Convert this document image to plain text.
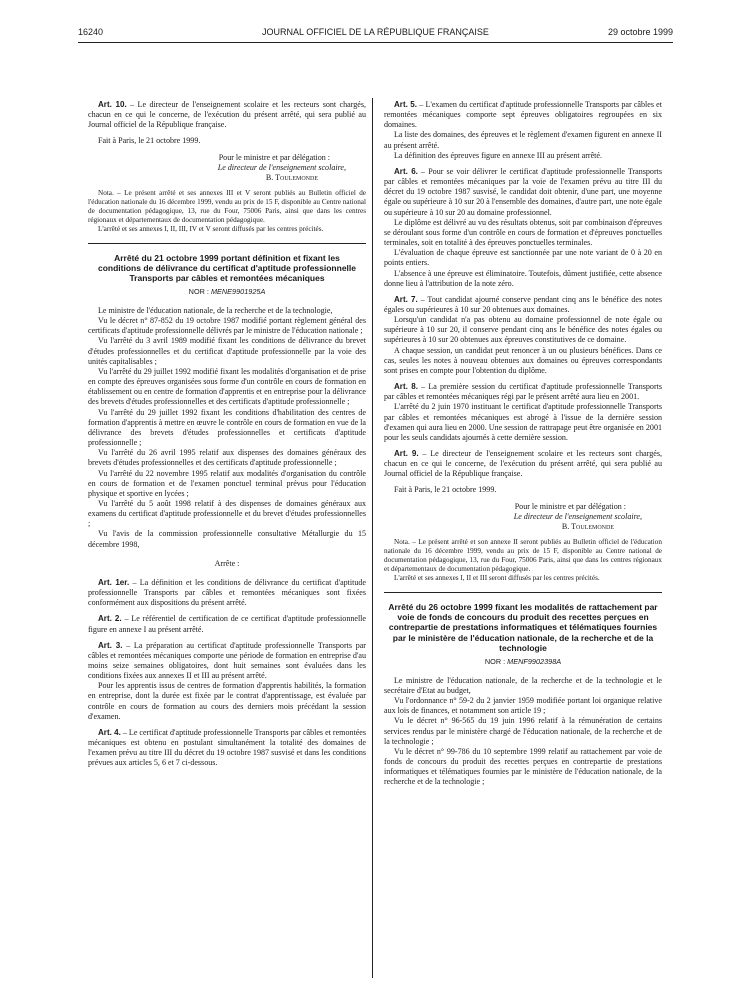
16240	JOURNAL OFFICIEL DE LA RÉPUBLIQUE FRANÇAISE	29 octobre 1999

Art. 10. – Le directeur de l'enseignement scolaire et les recteurs sont chargés, chacun en ce qui le concerne, de l'exécution du présent arrêté, qui sera publié au Journal officiel de la République française.

Fait à Paris, le 21 octobre 1999.

Pour le ministre et par délégation :
Le directeur de l'enseignement scolaire,
B. Toulemonde

Nota. – Le présent arrêté et ses annexes III et V seront publiés au Bulletin officiel de l'éducation nationale du 16 décembre 1999, vendu au prix de 15 F, disponible au Centre national de documentation pédagogique, 13, rue du Four, 75006 Paris, ainsi que dans les centres régionaux et départementaux de documentation pédagogique.

L'arrêté et ses annexes I, II, III, IV et V seront diffusés par les centres précités.

Arrêté du 21 octobre 1999 portant définition et fixant les conditions de délivrance du certificat d'aptitude professionnelle Transports par câbles et remontées mécaniques
NOR : MENE9901925A

Le ministre de l'éducation nationale, de la recherche et de la technologie,

Vu le décret n° 87-852 du 19 octobre 1987 modifié portant règlement général des certificats d'aptitude professionnelle délivrés par le ministre de l'éducation nationale ;

Vu l'arrêté du 3 avril 1989 modifié fixant les conditions de délivrance du brevet d'études professionnelles et du certificat d'aptitude professionnelle par la voie des unités capitalisables ;

Vu l'arrêté du 29 juillet 1992 modifié fixant les modalités d'organisation et de prise en compte des épreuves organisées sous forme d'un contrôle en cours de formation en établissement ou en centre de formation d'apprentis et en entreprise pour la délivrance des brevets d'études professionnelles et des certificats d'aptitude professionnelle ;

Vu l'arrêté du 29 juillet 1992 fixant les conditions d'habilitation des centres de formation d'apprentis à mettre en œuvre le contrôle en cours de formation en vue de la délivrance des brevets d'études professionnelles et certificats d'aptitude professionnelle ;

Vu l'arrêté du 26 avril 1995 relatif aux dispenses des domaines généraux des brevets d'études professionnelles et des certificats d'aptitude professionnelle ;

Vu l'arrêté du 22 novembre 1995 relatif aux modalités d'organisation du contrôle en cours de formation et de l'examen ponctuel terminal prévus pour l'éducation physique et sportive en lycées ;

Vu l'arrêté du 5 août 1998 relatif à des dispenses de domaines généraux aux examens du certificat d'aptitude professionnelle et du brevet d'études professionnelles ;

Vu l'avis de la commission professionnelle consultative Métallurgie du 15 décembre 1998,

Arrête :

Art. 1er. – La définition et les conditions de délivrance du certificat d'aptitude professionnelle Transports par câbles et remontées mécaniques sont fixées conformément aux dispositions du présent arrêté.

Art. 2. – Le référentiel de certification de ce certificat d'aptitude professionnelle figure en annexe I au présent arrêté.

Art. 3. – La préparation au certificat d'aptitude professionnelle Transports par câbles et remontées mécaniques comporte une période de formation en entreprise d'au moins seize semaines obligatoires, dont huit semaines sont évaluées dans les conditions fixées aux annexes II et III au présent arrêté.

Pour les apprentis issus de centres de formation d'apprentis habilités, la formation en entreprise, dont la durée est fixée par le contrat d'apprentissage, est évaluée par contrôle en cours de formation au cours des derniers mois précédant la session d'examen.

Art. 4. – Le certificat d'aptitude professionnelle Transports par câbles et remontées mécaniques est obtenu en postulant simultanément la totalité des domaines de l'examen prévu au titre III du décret du 19 octobre 1987 susvisé et dans les conditions prévues aux articles 5, 6 et 7 ci-dessous.

Art. 5. – L'examen du certificat d'aptitude professionnelle Transports par câbles et remontées mécaniques comporte sept épreuves obligatoires regroupées en six domaines.

La liste des domaines, des épreuves et le règlement d'examen figurent en annexe II au présent arrêté.

La définition des épreuves figure en annexe III au présent arrêté.

Art. 6. – Pour se voir délivrer le certificat d'aptitude professionnelle Transports par câbles et remontées mécaniques par la voie de l'examen prévu au titre III du décret du 19 octobre 1987 susvisé, le candidat doit obtenir, d'une part, une moyenne égale ou supérieure à 10 sur 20 à l'ensemble des domaines, d'autre part, une note égale ou supérieure à 10 sur 20 au domaine professionnel.

Le diplôme est délivré au vu des résultats obtenus, soit par combinaison d'épreuves se déroulant sous forme d'un contrôle en cours de formation et d'épreuves ponctuelles terminales, soit en totalité à des épreuves ponctuelles terminales.

L'évaluation de chaque épreuve est sanctionnée par une note variant de 0 à 20 en points entiers.

L'absence à une épreuve est éliminatoire. Toutefois, dûment justifiée, cette absence donne lieu à l'attribution de la note zéro.

Art. 7. – Tout candidat ajourné conserve pendant cinq ans le bénéfice des notes égales ou supérieures à 10 sur 20 obtenues aux domaines.

Lorsqu'un candidat n'a pas obtenu au domaine professionnel de note égale ou supérieure à 10 sur 20, il conserve pendant cinq ans le bénéfice des notes égales ou supérieures à 10 sur 20 obtenues aux épreuves constitutives de ce domaine.

A chaque session, un candidat peut renoncer à un ou plusieurs bénéfices. Dans ce cas, seules les notes à nouveau obtenues aux domaines ou épreuves correspondants sont prises en compte pour l'obtention du diplôme.

Art. 8. – La première session du certificat d'aptitude professionnelle Transports par câbles et remontées mécaniques régi par le présent arrêté aura lieu en 2001.

L'arrêté du 2 juin 1970 instituant le certificat d'aptitude professionnelle Transports par câbles et remontées mécaniques est abrogé à l'issue de la dernière session d'examen qui aura lieu en 2000. Une session de rattrapage peut être organisée en 2001 pour les seuls candidats ajournés à cette dernière session.

Art. 9. – Le directeur de l'enseignement scolaire et les recteurs sont chargés, chacun en ce qui le concerne, de l'exécution du présent arrêté, qui sera publié au Journal officiel de la République française.

Fait à Paris, le 21 octobre 1999.

Pour le ministre et par délégation :
Le directeur de l'enseignement scolaire,
B. Toulemonde

Nota. – Le présent arrêté et son annexe II seront publiés au Bulletin officiel de l'éducation nationale du 16 décembre 1999, vendu au prix de 15 F, disponible au Centre national de documentation pédagogique, 13, rue du Four, 75006 Paris, ainsi que dans les centres régionaux et départementaux de documentation pédagogique.

L'arrêté et ses annexes I, II et III seront diffusés par les centres précités.

Arrêté du 26 octobre 1999 fixant les modalités de rattachement par voie de fonds de concours du produit des recettes perçues en contrepartie de prestations informatiques et télématiques fournies par le ministère de l'éducation nationale, de la recherche et de la technologie
NOR : MENF9902398A

Le ministre de l'éducation nationale, de la recherche et de la technologie et le secrétaire d'Etat au budget,

Vu l'ordonnance n° 59-2 du 2 janvier 1959 modifiée portant loi organique relative aux lois de finances, et notamment son article 19 ;

Vu le décret n° 96-565 du 19 juin 1996 relatif à la rémunération de certains services rendus par le ministère chargé de l'éducation nationale, de la recherche et de la technologie ;

Vu le décret n° 99-786 du 10 septembre 1999 relatif au rattachement par voie de fonds de concours du produit des recettes perçues en contrepartie de prestations informatiques et télématiques fournies par le ministère de l'éducation nationale, de la recherche et de la technologie ;
